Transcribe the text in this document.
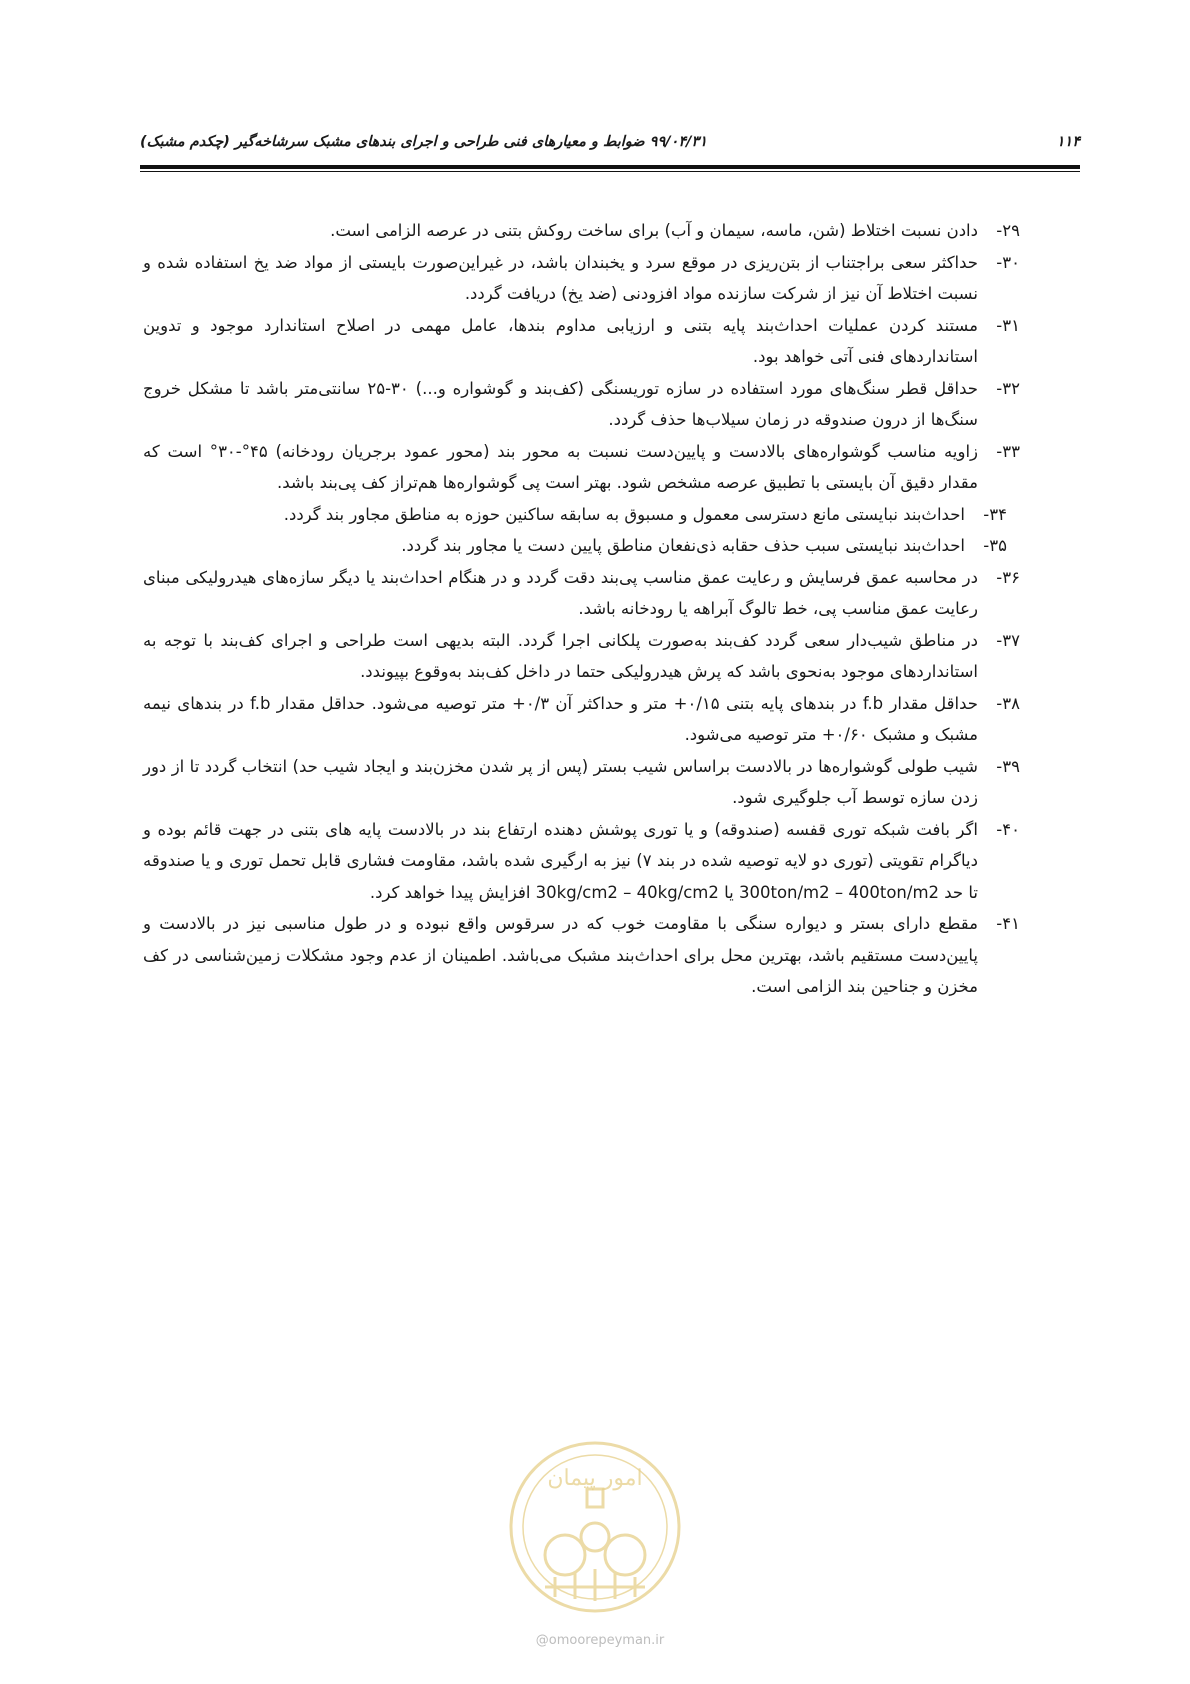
۱۱۴
۹۹/۰۴/۳۱ ضوابط و معیارهای فنی طراحی و اجرای بندهای مشبک سرشاخه‌گیر (چکدم مشبک)
۲۹-
دادن نسبت اختلاط (شن، ماسه، سیمان و آب) برای ساخت روکش بتنی در عرصه الزامی است.
۳۰-
حداکثر سعی براجتناب از بتن‌ریزی در موقع سرد و یخبندان باشد، در غیراین‌صورت بایستی از مواد ضد یخ استفاده شده و نسبت اختلاط آن نیز از شرکت سازنده مواد افزودنی (ضد یخ) دریافت گردد.
۳۱-
مستند کردن عملیات احداث‌بند پایه بتنی و ارزیابی مداوم بندها، عامل مهمی در اصلاح استاندارد موجود و تدوین استانداردهای فنی آتی خواهد بود.
۳۲-
حداقل قطر سنگ‌های مورد استفاده در سازه توریسنگی (کف‌بند و گوشواره و...) ۳۰-۲۵ سانتی‌متر باشد تا مشکل خروج سنگ‌ها از درون صندوقه در زمان سیلاب‌ها حذف گردد.
۳۳-
زاویه مناسب گوشواره‌های بالادست و پایین‌دست نسبت به محور بند (محور عمود برجریان رودخانه) ۴۵°-۳۰° است که مقدار دقیق آن بایستی با تطبیق عرصه مشخص شود. بهتر است پی گوشواره‌ها هم‌تراز کف پی‌بند باشد.
۳۴-
احداث‌بند نبایستی مانع دسترسی معمول و مسبوق به سابقه ساکنین حوزه به مناطق مجاور بند گردد.
۳۵-
احداث‌بند نبایستی سبب حذف حقابه ذی‌نفعان مناطق پایین دست یا مجاور بند گردد.
۳۶-
در محاسبه عمق فرسایش و رعایت عمق مناسب پی‌بند دقت گردد و در هنگام احداث‌بند یا دیگر سازه‌های هیدرولیکی مبنای رعایت عمق مناسب پی، خط تالوگ آبراهه یا رودخانه باشد.
۳۷-
در مناطق شیب‌دار سعی گردد کف‌بند به‌صورت پلکانی اجرا گردد. البته بدیهی است طراحی و اجرای کف‌بند با توجه به استانداردهای موجود به‌نحوی باشد که پرش هیدرولیکی حتما در داخل کف‌بند به‌وقوع بپیوندد.
۳۸-
حداقل مقدار f.b در بندهای پایه بتنی ۰/۱۵+ متر و حداکثر آن ۰/۳+ متر توصیه می‌شود. حداقل مقدار f.b در بندهای نیمه مشبک و مشبک ۰/۶۰+ متر توصیه می‌شود.
۳۹-
شیب طولی گوشواره‌ها در بالادست براساس شیب بستر (پس از پر شدن مخزن‌بند و ایجاد شیب حد) انتخاب گردد تا از دور زدن سازه توسط آب جلوگیری شود.
۴۰-
اگر بافت شبکه توری قفسه (صندوقه) و یا توری پوشش دهنده ارتفاع بند در بالادست پایه های بتنی در جهت قائم بوده و دیاگرام تقویتی (توری دو لایه توصیه شده در بند ۷) نیز به ارگیری شده باشد، مقاومت فشاری قابل تحمل توری و یا صندوقه تا حد 300ton/m2 – 400ton/m2 یا 30kg/cm2 – 40kg/cm2 افزایش پیدا خواهد کرد.
۴۱-
مقطع دارای بستر و دیواره سنگی با مقاومت خوب که در سرقوس واقع نبوده و در طول مناسبی نیز در بالادست و پایین‌دست مستقیم باشد، بهترین محل برای احداث‌بند مشبک می‌باشد. اطمینان از عدم وجود مشکلات زمین‌شناسی در کف مخزن و جناحین بند الزامی است.
امور پیمان
@omoorepeyman.ir
